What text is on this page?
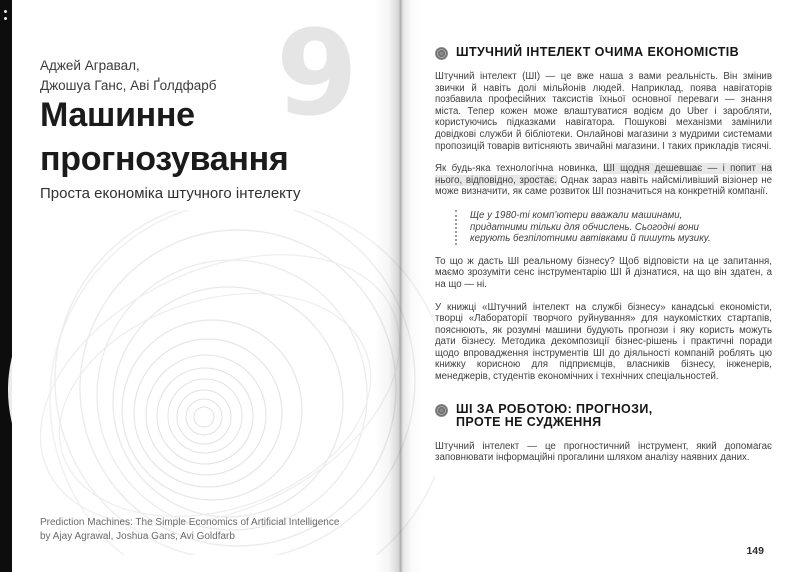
9
Аджей Агравал,
Джошуа Ганс, Аві Ґолдфарб
Машинне прогнозування
Проста економіка штучного інтелекту
Prediction Machines: The Simple Economics of Artificial Intelligence
by Ajay Agrawal, Joshua Gans, Avi Goldfarb
ШТУЧНИЙ ІНТЕЛЕКТ ОЧИМА ЕКОНОМІСТІВ

Штучний інтелект (ШІ) — це вже наша з вами реальність. Він змінив звички й навіть долі мільйонів людей. Наприклад, поява навігаторів позбавила професійних таксистів їхньої основної переваги — знання міста. Тепер кожен може влаштуватися водієм до Uber і заробляти, користуючись підказками навігатора. Пошукові механізми замінили довідкові служби й бібліотеки. Онлайнові магазини з мудрими системами пропозицій товарів витісняють звичайні магазини. І таких прикладів тисячі.

Як будь-яка технологічна новинка, ШІ щодня дешевшає — і попит на нього, відповідно, зростає. Однак зараз навіть найсміливіший візіонер не може визначити, як саме розвиток ШІ позначиться на конкретній компанії.

Ще у 1980-ті комп’ютери вважали машинами, придатними тільки для обчислень. Сьогодні вони керують безпілотними автівками й пишуть музику.

То що ж дасть ШІ реальному бізнесу? Щоб відповісти на це запитання, маємо зрозуміти сенс інструментарію ШІ й дізнатися, на що він здатен, а на що — ні.

У книжці «Штучний інтелект на службі бізнесу» канадські економісти, творці «Лабораторії творчого руйнування» для наукомістких стартапів, пояснюють, як розумні машини будують прогнози і яку користь можуть дати бізнесу. Методика декомпозиції бізнес-рішень і практичні поради щодо впровадження інструментів ШІ до діяльності компаній роблять цю книжку корисною для підприємців, власників бізнесу, інженерів, менеджерів, студентів економічних і технічних спеціальностей.

ШІ ЗА РОБОТОЮ: ПРОГНОЗИ,
ПРОТЕ НЕ СУДЖЕННЯ

Штучний інтелект — це прогностичний інструмент, який допомагає заповнювати інформаційні прогалини шляхом аналізу наявних даних.

149
